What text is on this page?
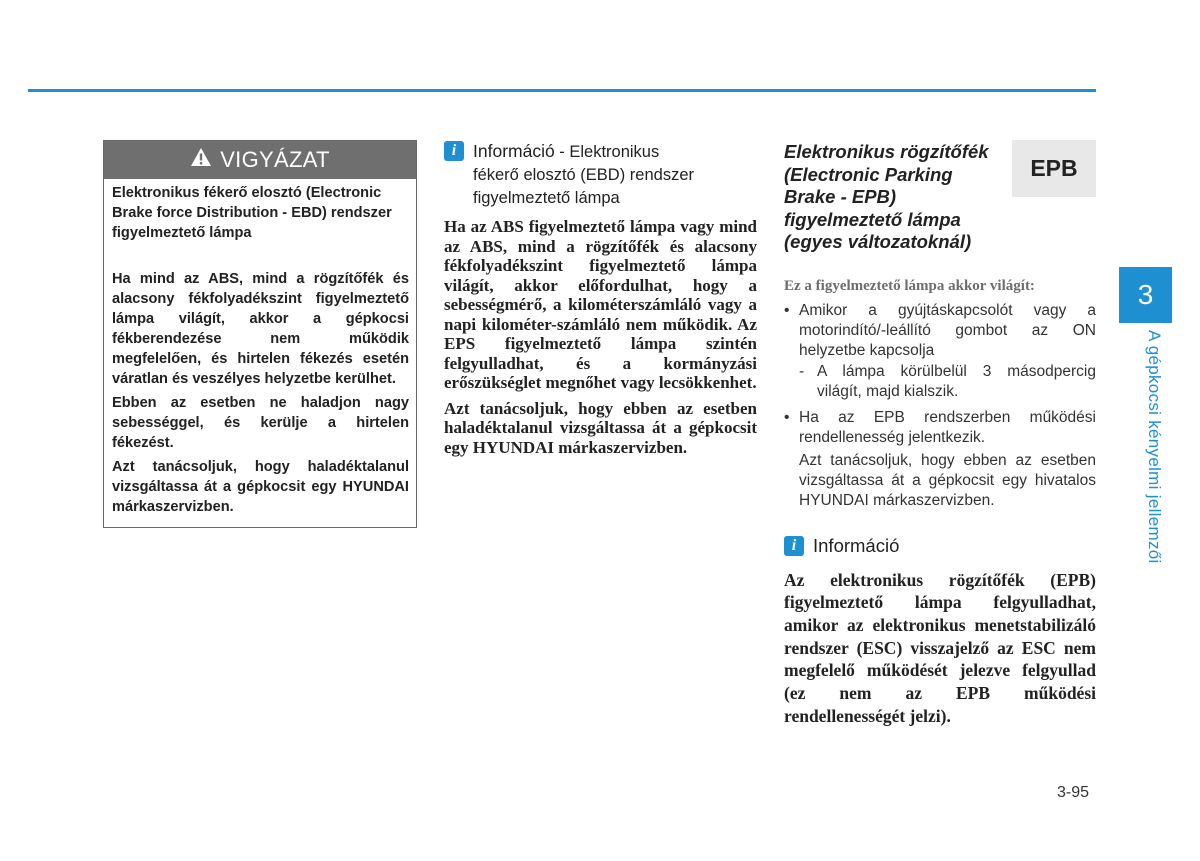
VIGYÁZAT

Elektronikus fékerő elosztó (Electronic Brake force Distribution - EBD) rendszer figyelmeztető lámpa

Ha mind az ABS, mind a rögzítőfék és alacsony fékfolyadékszint figyelmeztető lámpa világít, akkor a gépkocsi fékberendezése nem működik megfelelően, és hirtelen fékezés esetén váratlan és veszélyes helyzetbe kerülhet.

Ebben az esetben ne haladjon nagy sebességgel, és kerülje a hirtelen fékezést.

Azt tanácsoljuk, hogy haladéktalanul vizsgáltassa át a gépkocsit egy HYUNDAI márkaszervizben.

i Információ - Elektronikus
fékerő elosztó (EBD) rendszer
figyelmeztető lámpa

Ha az ABS figyelmeztető lámpa vagy mind az ABS, mind a rögzítőfék és alacsony fékfolyadékszint figyelmeztető lámpa világít, akkor előfordulhat, hogy a sebességmérő, a kilométerszámláló vagy a napi kilométer-számláló nem működik. Az EPS figyelmeztető lámpa szintén felgyulladhat, és a kormányzási erőszükséglet megnőhet vagy lecsökkenhet.

Azt tanácsoljuk, hogy ebben az esetben haladéktalanul vizsgáltassa át a gépkocsit egy HYUNDAI márkaszervizben.

EPB
Elektronikus rögzítőfék (Electronic Parking Brake - EPB) figyelmeztető lámpa (egyes változatoknál)
Ez a figyelmeztető lámpa akkor világít:
• Amikor a gyújtáskapcsolót vagy a motorindító/-leállító gombot az ON helyzetbe kapcsolja
- A lámpa körülbelül 3 másodpercig világít, majd kialszik.
• Ha az EPB rendszerben működési rendellenesség jelentkezik.
Azt tanácsoljuk, hogy ebben az esetben vizsgáltassa át a gépkocsit egy hivatalos HYUNDAI márkaszervizben.
i Információ

Az elektronikus rögzítőfék (EPB) figyelmeztető lámpa felgyulladhat, amikor az elektronikus menetstabilizáló rendszer (ESC) visszajelző az ESC nem megfelelő működését jelezve felgyullad (ez nem az EPB működési rendellenességét jelzi).

3
A gépkocsi kényelmi jellemzői
3-95
